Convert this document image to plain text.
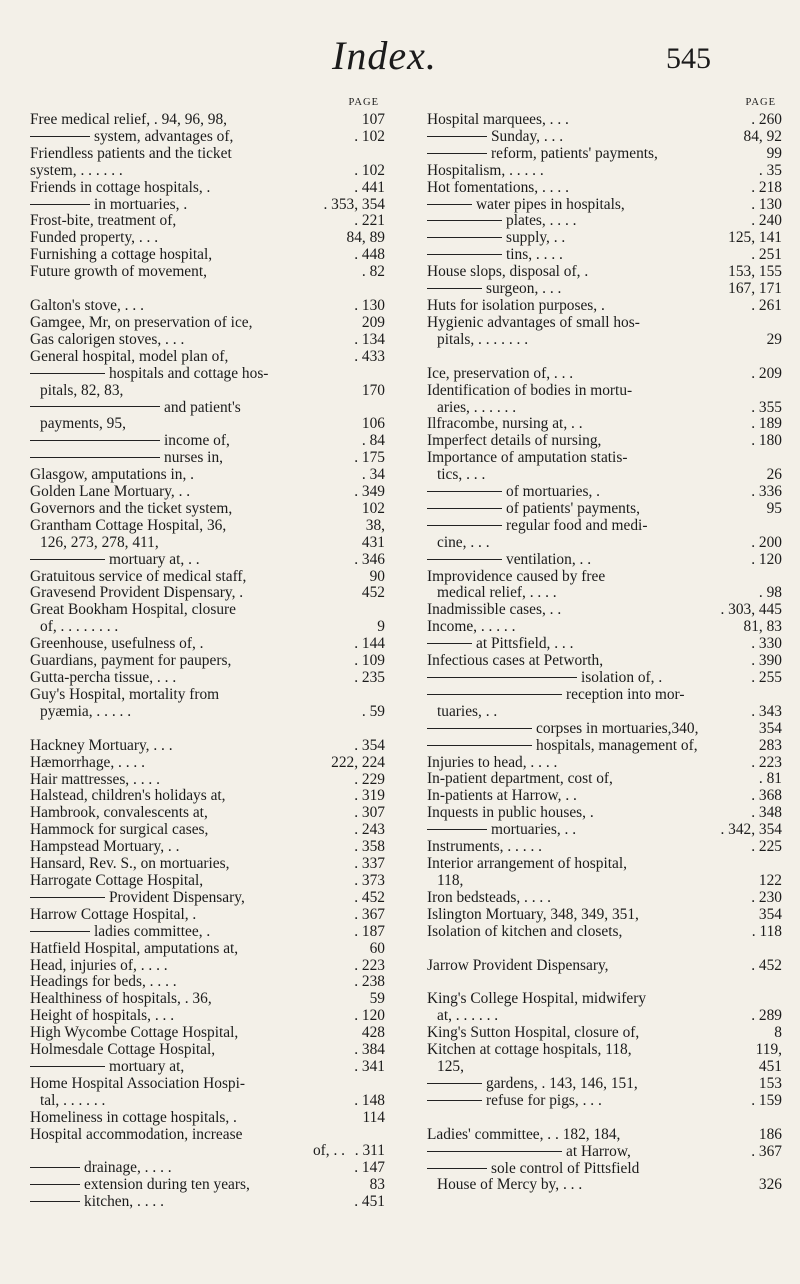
Index.	545
PAGE
Free medical relief, . 94, 96, 98,	107
system, advantages of,	. 102
Friendless patients and the ticket
system, . . . . . .	. 102
Friends in cottage hospitals, .	. 441
in mortuaries, .	. 353, 354
Frost-bite, treatment of,	. 221
Funded property, . . .	84, 89
Furnishing a cottage hospital,	. 448
Future growth of movement,	. 82
Galton's stove, . . .	. 130
Gamgee, Mr, on preservation of ice,	209
Gas calorigen stoves, . . .	. 134
General hospital, model plan of,	. 433
hospitals and cottage hos-
pitals, 82, 83,	170
and patient's
payments, 95,	106
income of,	. 84
nurses in,	. 175
Glasgow, amputations in, .	. 34
Golden Lane Mortuary, . .	. 349
Governors and the ticket system,	102
Grantham Cottage Hospital, 36,	38,
126, 273, 278, 411,	431
mortuary at, . .	. 346
Gratuitous service of medical staff,	90
Gravesend Provident Dispensary, .	452
Great Bookham Hospital, closure
of, . . . . . . . .	9
Greenhouse, usefulness of, .	. 144
Guardians, payment for paupers,	. 109
Gutta-percha tissue, . . .	. 235
Guy's Hospital, mortality from
pyæmia, . . . . .	. 59
Hackney Mortuary, . . .	. 354
Hæmorrhage, . . . .	222, 224
Hair mattresses, . . . .	. 229
Halstead, children's holidays at,	. 319
Hambrook, convalescents at,	. 307
Hammock for surgical cases,	. 243
Hampstead Mortuary, . .	. 358
Hansard, Rev. S., on mortuaries,	. 337
Harrogate Cottage Hospital,	. 373
Provident Dispensary,	. 452
Harrow Cottage Hospital, .	. 367
ladies committee, .	. 187
Hatfield Hospital, amputations at,	60
Head, injuries of, . . . .	. 223
Headings for beds, . . . .	. 238
Healthiness of hospitals, . 36,	59
Height of hospitals, . . .	. 120
High Wycombe Cottage Hospital,	428
Holmesdale Cottage Hospital,	. 384
mortuary at,	. 341
Home Hospital Association Hospi-
tal, . . . . . .	. 148
Homeliness in cottage hospitals, .	114
Hospital accommodation, increase
of, . . . 311
drainage, . . . .	. 147
extension during ten years,	83
kitchen, . . . .	. 451
PAGE
Hospital marquees, . . .	. 260
Sunday, . . .	84, 92
reform, patients' payments,	99
Hospitalism, . . . . .	. 35
Hot fomentations, . . . .	. 218
water pipes in hospitals,	. 130
plates, . . . .	. 240
supply, . .	125, 141
tins, . . . .	. 251
House slops, disposal of, .	153, 155
surgeon, . . .	167, 171
Huts for isolation purposes, .	. 261
Hygienic advantages of small hos-
pitals, . . . . . . .	29
Ice, preservation of, . . .	. 209
Identification of bodies in mortu-
aries, . . . . . .	. 355
Ilfracombe, nursing at, . .	. 189
Imperfect details of nursing,	. 180
Importance of amputation statis-
tics, . . .	26
of mortuaries, .	. 336
of patients' payments,	95
regular food and medi-
cine, . . .	. 200
ventilation, . .	. 120
Improvidence caused by free
medical relief, . . . .	. 98
Inadmissible cases, . .	. 303, 445
Income, . . . . .	81, 83
at Pittsfield, . . .	. 330
Infectious cases at Petworth,	. 390
isolation of, .	. 255
reception into mor-
tuaries, . .	. 343
corpses in mortuaries,340,	354
hospitals, management of,	283
Injuries to head, . . . .	. 223
In-patient department, cost of,	. 81
In-patients at Harrow, . .	. 368
Inquests in public houses, .	. 348
mortuaries, . .	. 342, 354
Instruments, . . . . .	. 225
Interior arrangement of hospital,
118,	122
Iron bedsteads, . . . .	. 230
Islington Mortuary, 348, 349, 351,	354
Isolation of kitchen and closets,	. 118
Jarrow Provident Dispensary,	. 452
King's College Hospital, midwifery
at, . . . . . .	. 289
King's Sutton Hospital, closure of,	8
Kitchen at cottage hospitals, 118,	119,
125,	451
gardens, . 143, 146, 151,	153
refuse for pigs, . . .	. 159
Ladies' committee, . . 182, 184,	186
at Harrow,	. 367
sole control of Pittsfield
House of Mercy by, . . .	326
